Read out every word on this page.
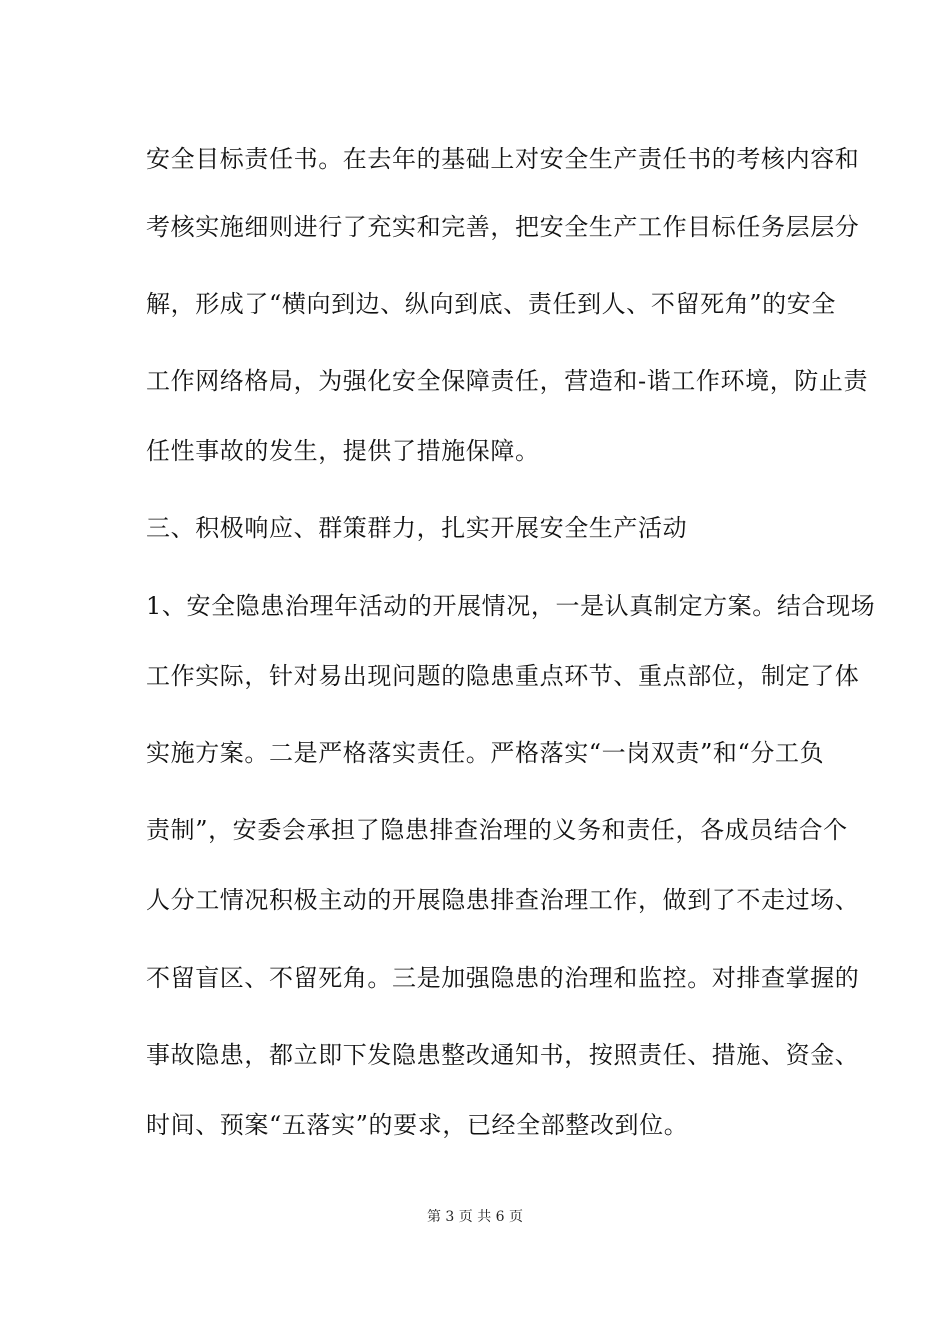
安全目标责任书。在去年的基础上对安全生产责任书的考核内容和
考核实施细则进行了充实和完善，把安全生产工作目标任务层层分
解，形成了“横向到边、纵向到底、责任到人、不留死角”的安全
工作网络格局，为强化安全保障责任，营造和-谐工作环境，防止责
任性事故的发生，提供了措施保障。
三、积极响应、群策群力，扎实开展安全生产活动
1、安全隐患治理年活动的开展情况，一是认真制定方案。结合现场
工作实际，针对易出现问题的隐患重点环节、重点部位，制定了体
实施方案。二是严格落实责任。严格落实“一岗双责”和“分工负
责制”，安委会承担了隐患排查治理的义务和责任，各成员结合个
人分工情况积极主动的开展隐患排查治理工作，做到了不走过场、
不留盲区、不留死角。三是加强隐患的治理和监控。对排查掌握的
事故隐患，都立即下发隐患整改通知书，按照责任、措施、资金、
时间、预案“五落实”的要求，已经全部整改到位。
第 3 页 共 6 页
